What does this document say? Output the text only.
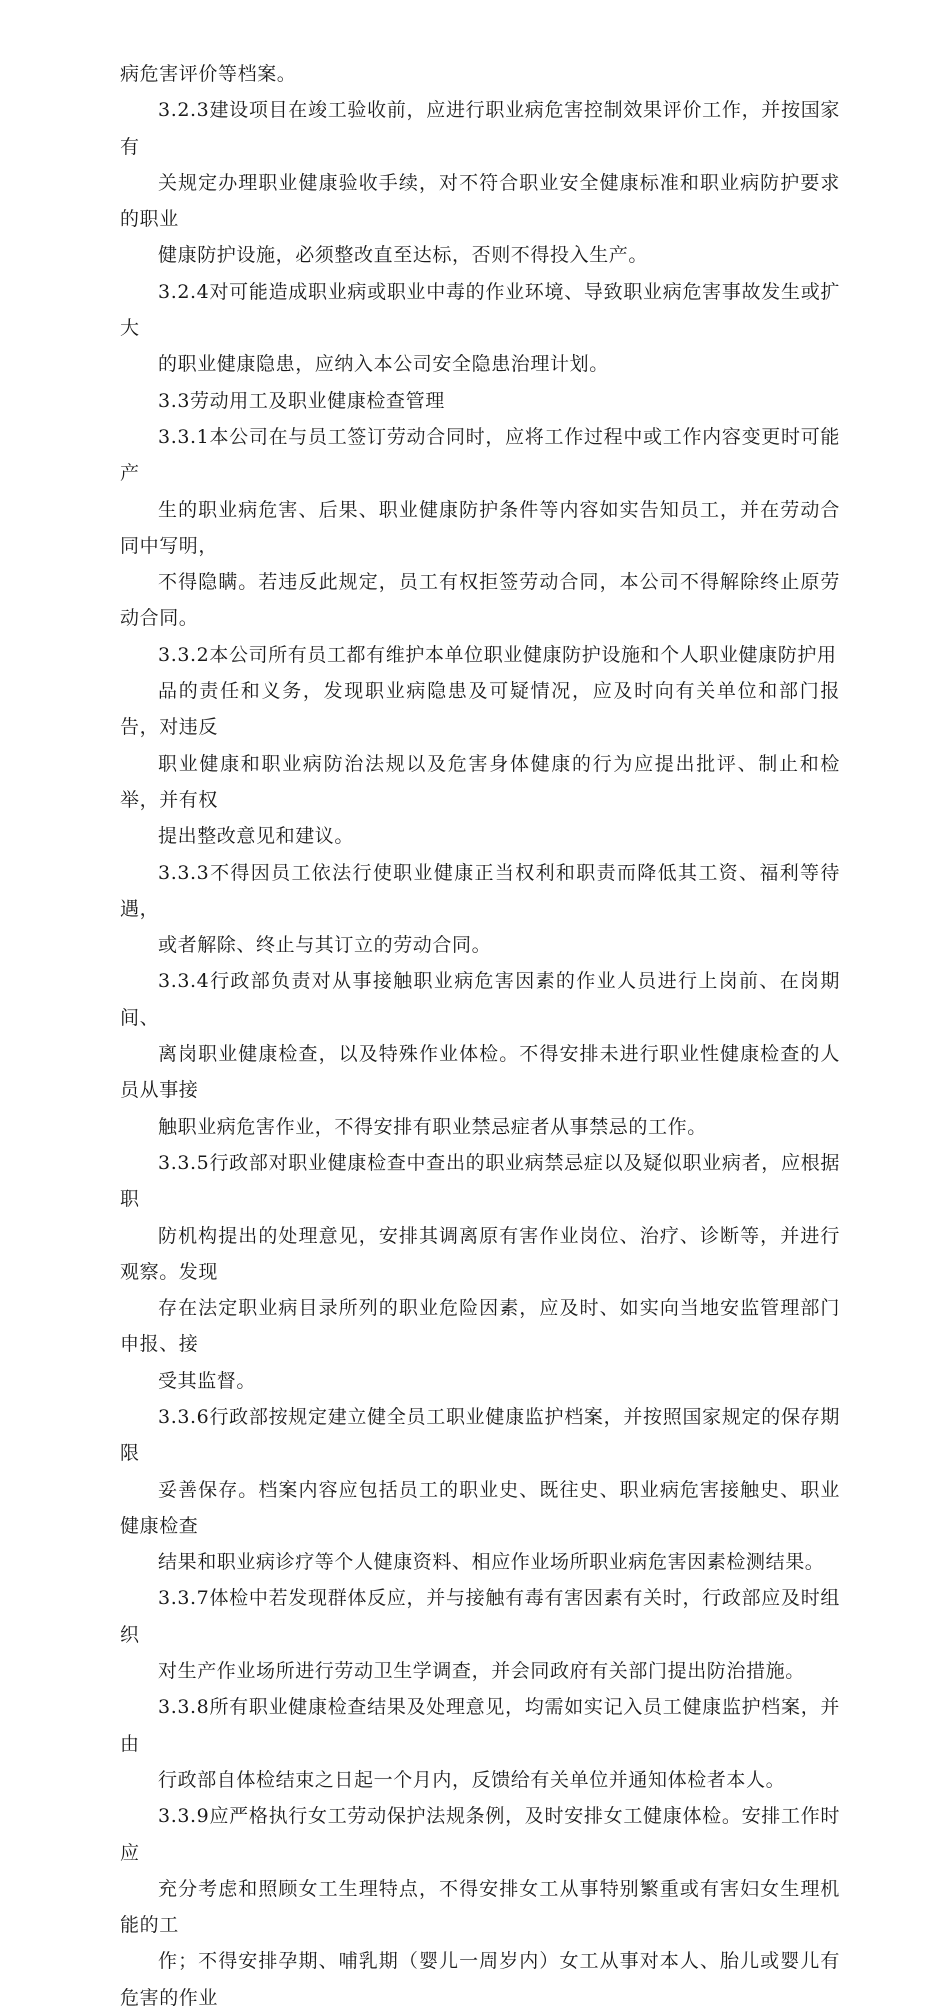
病危害评价等档案。

3.2.3建设项目在竣工验收前，应进行职业病危害控制效果评价工作，并按国家有
关规定办理职业健康验收手续，对不符合职业安全健康标准和职业病防护要求的职业
健康防护设施，必须整改直至达标，否则不得投入生产。

3.2.4对可能造成职业病或职业中毒的作业环境、导致职业病危害事故发生或扩大
的职业健康隐患，应纳入本公司安全隐患治理计划。

3.3劳动用工及职业健康检查管理

3.3.1本公司在与员工签订劳动合同时，应将工作过程中或工作内容变更时可能产
生的职业病危害、后果、职业健康防护条件等内容如实告知员工，并在劳动合同中写明，
不得隐瞒。若违反此规定，员工有权拒签劳动合同，本公司不得解除终止原劳动合同。

3.3.2本公司所有员工都有维护本单位职业健康防护设施和个人职业健康防护用
品的责任和义务，发现职业病隐患及可疑情况，应及时向有关单位和部门报告，对违反
职业健康和职业病防治法规以及危害身体健康的行为应提出批评、制止和检举，并有权
提出整改意见和建议。

3.3.3不得因员工依法行使职业健康正当权利和职责而降低其工资、福利等待遇，
或者解除、终止与其订立的劳动合同。

3.3.4行政部负责对从事接触职业病危害因素的作业人员进行上岗前、在岗期间、
离岗职业健康检查，以及特殊作业体检。不得安排未进行职业性健康检查的人员从事接
触职业病危害作业，不得安排有职业禁忌症者从事禁忌的工作。

3.3.5行政部对职业健康检查中查出的职业病禁忌症以及疑似职业病者，应根据职
防机构提出的处理意见，安排其调离原有害作业岗位、治疗、诊断等，并进行观察。发现
存在法定职业病目录所列的职业危险因素，应及时、如实向当地安监管理部门申报、接
受其监督。

3.3.6行政部按规定建立健全员工职业健康监护档案，并按照国家规定的保存期限
妥善保存。档案内容应包括员工的职业史、既往史、职业病危害接触史、职业健康检查
结果和职业病诊疗等个人健康资料、相应作业场所职业病危害因素检测结果。

3.3.7体检中若发现群体反应，并与接触有毒有害因素有关时，行政部应及时组织
对生产作业场所进行劳动卫生学调查，并会同政府有关部门提出防治措施。

3.3.8所有职业健康检查结果及处理意见，均需如实记入员工健康监护档案，并由
行政部自体检结束之日起一个月内，反馈给有关单位并通知体检者本人。

3.3.9应严格执行女工劳动保护法规条例，及时安排女工健康体检。安排工作时应
充分考虑和照顾女工生理特点，不得安排女工从事特别繁重或有害妇女生理机能的工
作；不得安排孕期、哺乳期（婴儿一周岁内）女工从事对本人、胎儿或婴儿有危害的作业
